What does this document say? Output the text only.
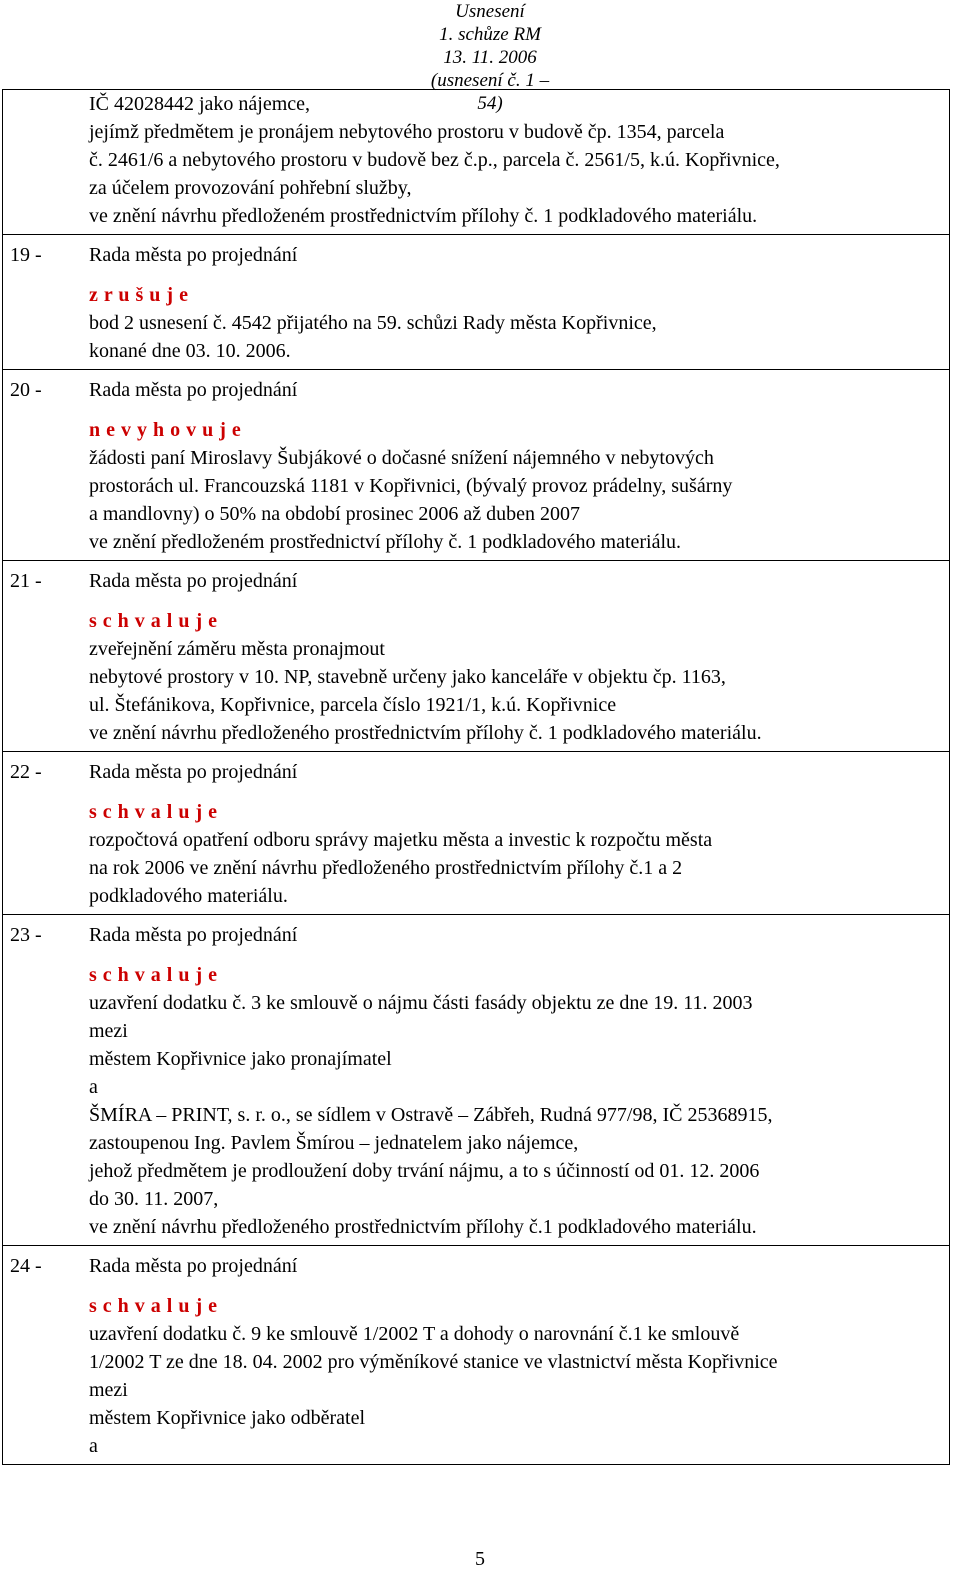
Usnesení
1. schůze RM
13. 11. 2006
(usnesení č. 1 – 54)
IČ 42028442 jako nájemce,
jejímž předmětem je pronájem nebytového prostoru v budově čp. 1354, parcela
č. 2461/6 a nebytového prostoru v budově bez č.p., parcela č. 2561/5, k.ú. Kopřivnice,
za účelem provozování pohřební služby,
ve znění návrhu předloženém prostřednictvím přílohy č. 1 podkladového materiálu.
19 -	Rada města po projednání
z r u š u j e
bod 2 usnesení č. 4542 přijatého na 59. schůzi Rady města Kopřivnice,
konané dne 03. 10. 2006.
20 -	Rada města po projednání
n e v y h o v u j e
žádosti paní Miroslavy Šubjákové o dočasné snížení nájemného v nebytových
prostorách ul. Francouzská 1181 v Kopřivnici, (bývalý provoz prádelny, sušárny
a mandlovny) o 50% na období prosinec 2006 až duben 2007
ve znění předloženém prostřednictví přílohy č. 1 podkladového materiálu.
21 -	Rada města po projednání
s c h v a l u j e
zveřejnění záměru města pronajmout
nebytové prostory v 10. NP, stavebně určeny jako kanceláře v objektu čp. 1163,
ul. Štefánikova, Kopřivnice, parcela číslo 1921/1, k.ú. Kopřivnice
ve znění návrhu předloženého prostřednictvím přílohy č. 1 podkladového materiálu.
22 -	Rada města po projednání
s c h v a l u j e
rozpočtová opatření odboru správy majetku města a investic k rozpočtu města
na rok 2006 ve znění návrhu předloženého prostřednictvím přílohy č.1 a 2
podkladového materiálu.
23 -	Rada města po projednání
s c h v a l u j e
uzavření dodatku č. 3 ke smlouvě o nájmu části fasády objektu ze dne 19. 11. 2003
mezi
městem Kopřivnice jako pronajímatel
a
ŠMÍRA – PRINT, s. r. o., se sídlem v Ostravě – Zábřeh, Rudná 977/98, IČ 25368915,
zastoupenou Ing. Pavlem Šmírou – jednatelem jako nájemce,
jehož předmětem je prodloužení doby trvání nájmu, a to s účinností od 01. 12. 2006
do 30. 11. 2007,
ve znění návrhu předloženého prostřednictvím přílohy č.1 podkladového materiálu.
24 -	Rada města po projednání
s c h v a l u j e
uzavření dodatku č. 9 ke smlouvě 1/2002 T a dohody o narovnání č.1 ke smlouvě
1/2002 T ze dne 18. 04. 2002 pro výměníkové stanice ve vlastnictví města Kopřivnice
mezi
městem Kopřivnice jako odběratel
a
5
